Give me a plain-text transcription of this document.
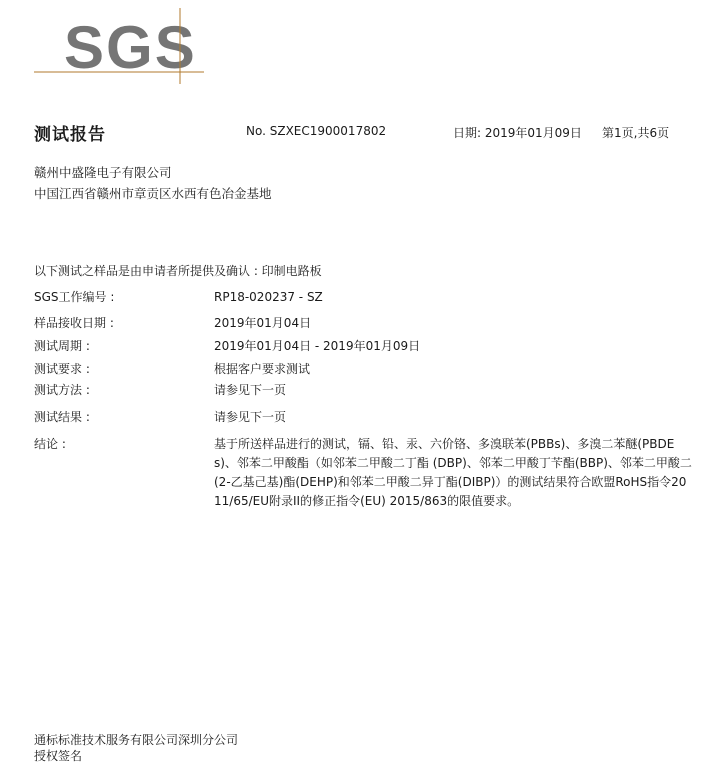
SGS
测试报告	No. SZXEC1900017802	日期: 2019年01月09日 第1页,共6页
赣州中盛隆电子有限公司
中国江西省赣州市章贡区水西有色冶金基地
以下测试之样品是由申请者所提供及确认 : 印制电路板
SGS工作编号 :	RP18-020237 - SZ
样品接收日期 :	2019年01月04日
测试周期 :	2019年01月04日 - 2019年01月09日
测试要求 :	根据客户要求测试
测试方法 :	请参见下一页
测试结果 :	请参见下一页
结论 :	基于所送样品进行的测试，镉、铅、汞、六价铬、多溴联苯(PBBs)、多溴二苯醚(PBDEs)、邻苯二甲酸酯（如邻苯二甲酸二丁酯 (DBP)、邻苯二甲酸丁苄酯(BBP)、邻苯二甲酸二(2-乙基己基)酯(DEHP)和邻苯二甲酸二异丁酯(DIBP)）的测试结果符合欧盟RoHS指令2011/65/EU附录II的修正指令(EU) 2015/863的限值要求。
通标标准技术服务有限公司深圳分公司
授权签名
